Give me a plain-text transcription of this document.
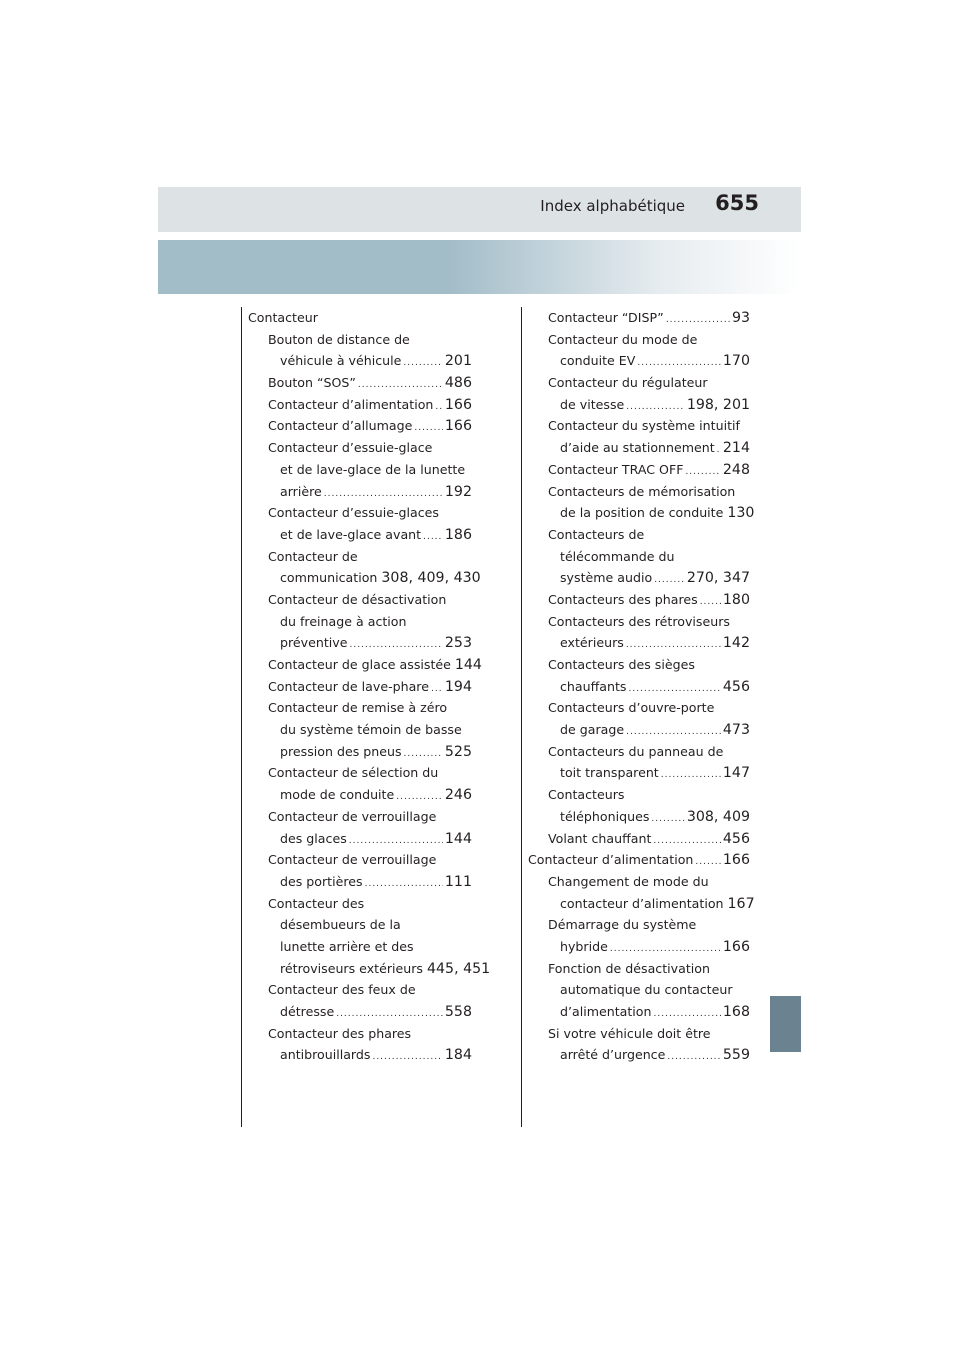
Index alphabétique 655
Contacteur
Bouton de distance de
véhicule à véhicule .....	201
Bouton “SOS” .....	486
Contacteur d’alimentation ..... 166
Contacteur d’allumage ..... 166
Contacteur d’essuie-glace
et de lave-glace de la lunette
arrière .....	192
Contacteur d’essuie-glaces
et de lave-glace avant ..... 186
Contacteur de
communication 308, 409, 430
Contacteur de désactivation
du freinage à action
préventive .....	253
Contacteur de glace assistée 144
Contacteur de lave-phare ..... 194
Contacteur de remise à zéro
du système témoin de basse
pression des pneus .....	525
Contacteur de sélection du
mode de conduite .....	246
Contacteur de verrouillage
des glaces .....	144
Contacteur de verrouillage
des portières .....	111
Contacteur des
désembueurs de la
lunette arrière et des
rétroviseurs extérieurs 445, 451
Contacteur des feux de
détresse .....	558
Contacteur des phares
antibrouillards .....	184
Contacteur “DISP” .....	93
Contacteur du mode de
conduite EV .....	170
Contacteur du régulateur
de vitesse .....	198, 201
Contacteur du système intuitif
d’aide au stationnement ..... 214
Contacteur TRAC OFF .....	248
Contacteurs de mémorisation
de la position de conduite 130
Contacteurs de
télécommande du
système audio ..... 270, 347
Contacteurs des phares ..... 180
Contacteurs des rétroviseurs
extérieurs .....	142
Contacteurs des sièges
chauffants .....	456
Contacteurs d’ouvre-porte
de garage .....	473
Contacteurs du panneau de
toit transparent .....	147
Contacteurs
téléphoniques .....	308, 409
Volant chauffant .....	456
Contacteur d’alimentation ..... 166
Changement de mode du
contacteur d’alimentation 167
Démarrage du système
hybride .....	166
Fonction de désactivation
automatique du contacteur
d’alimentation .....	168
Si votre véhicule doit être
arrêté d’urgence .....	559
